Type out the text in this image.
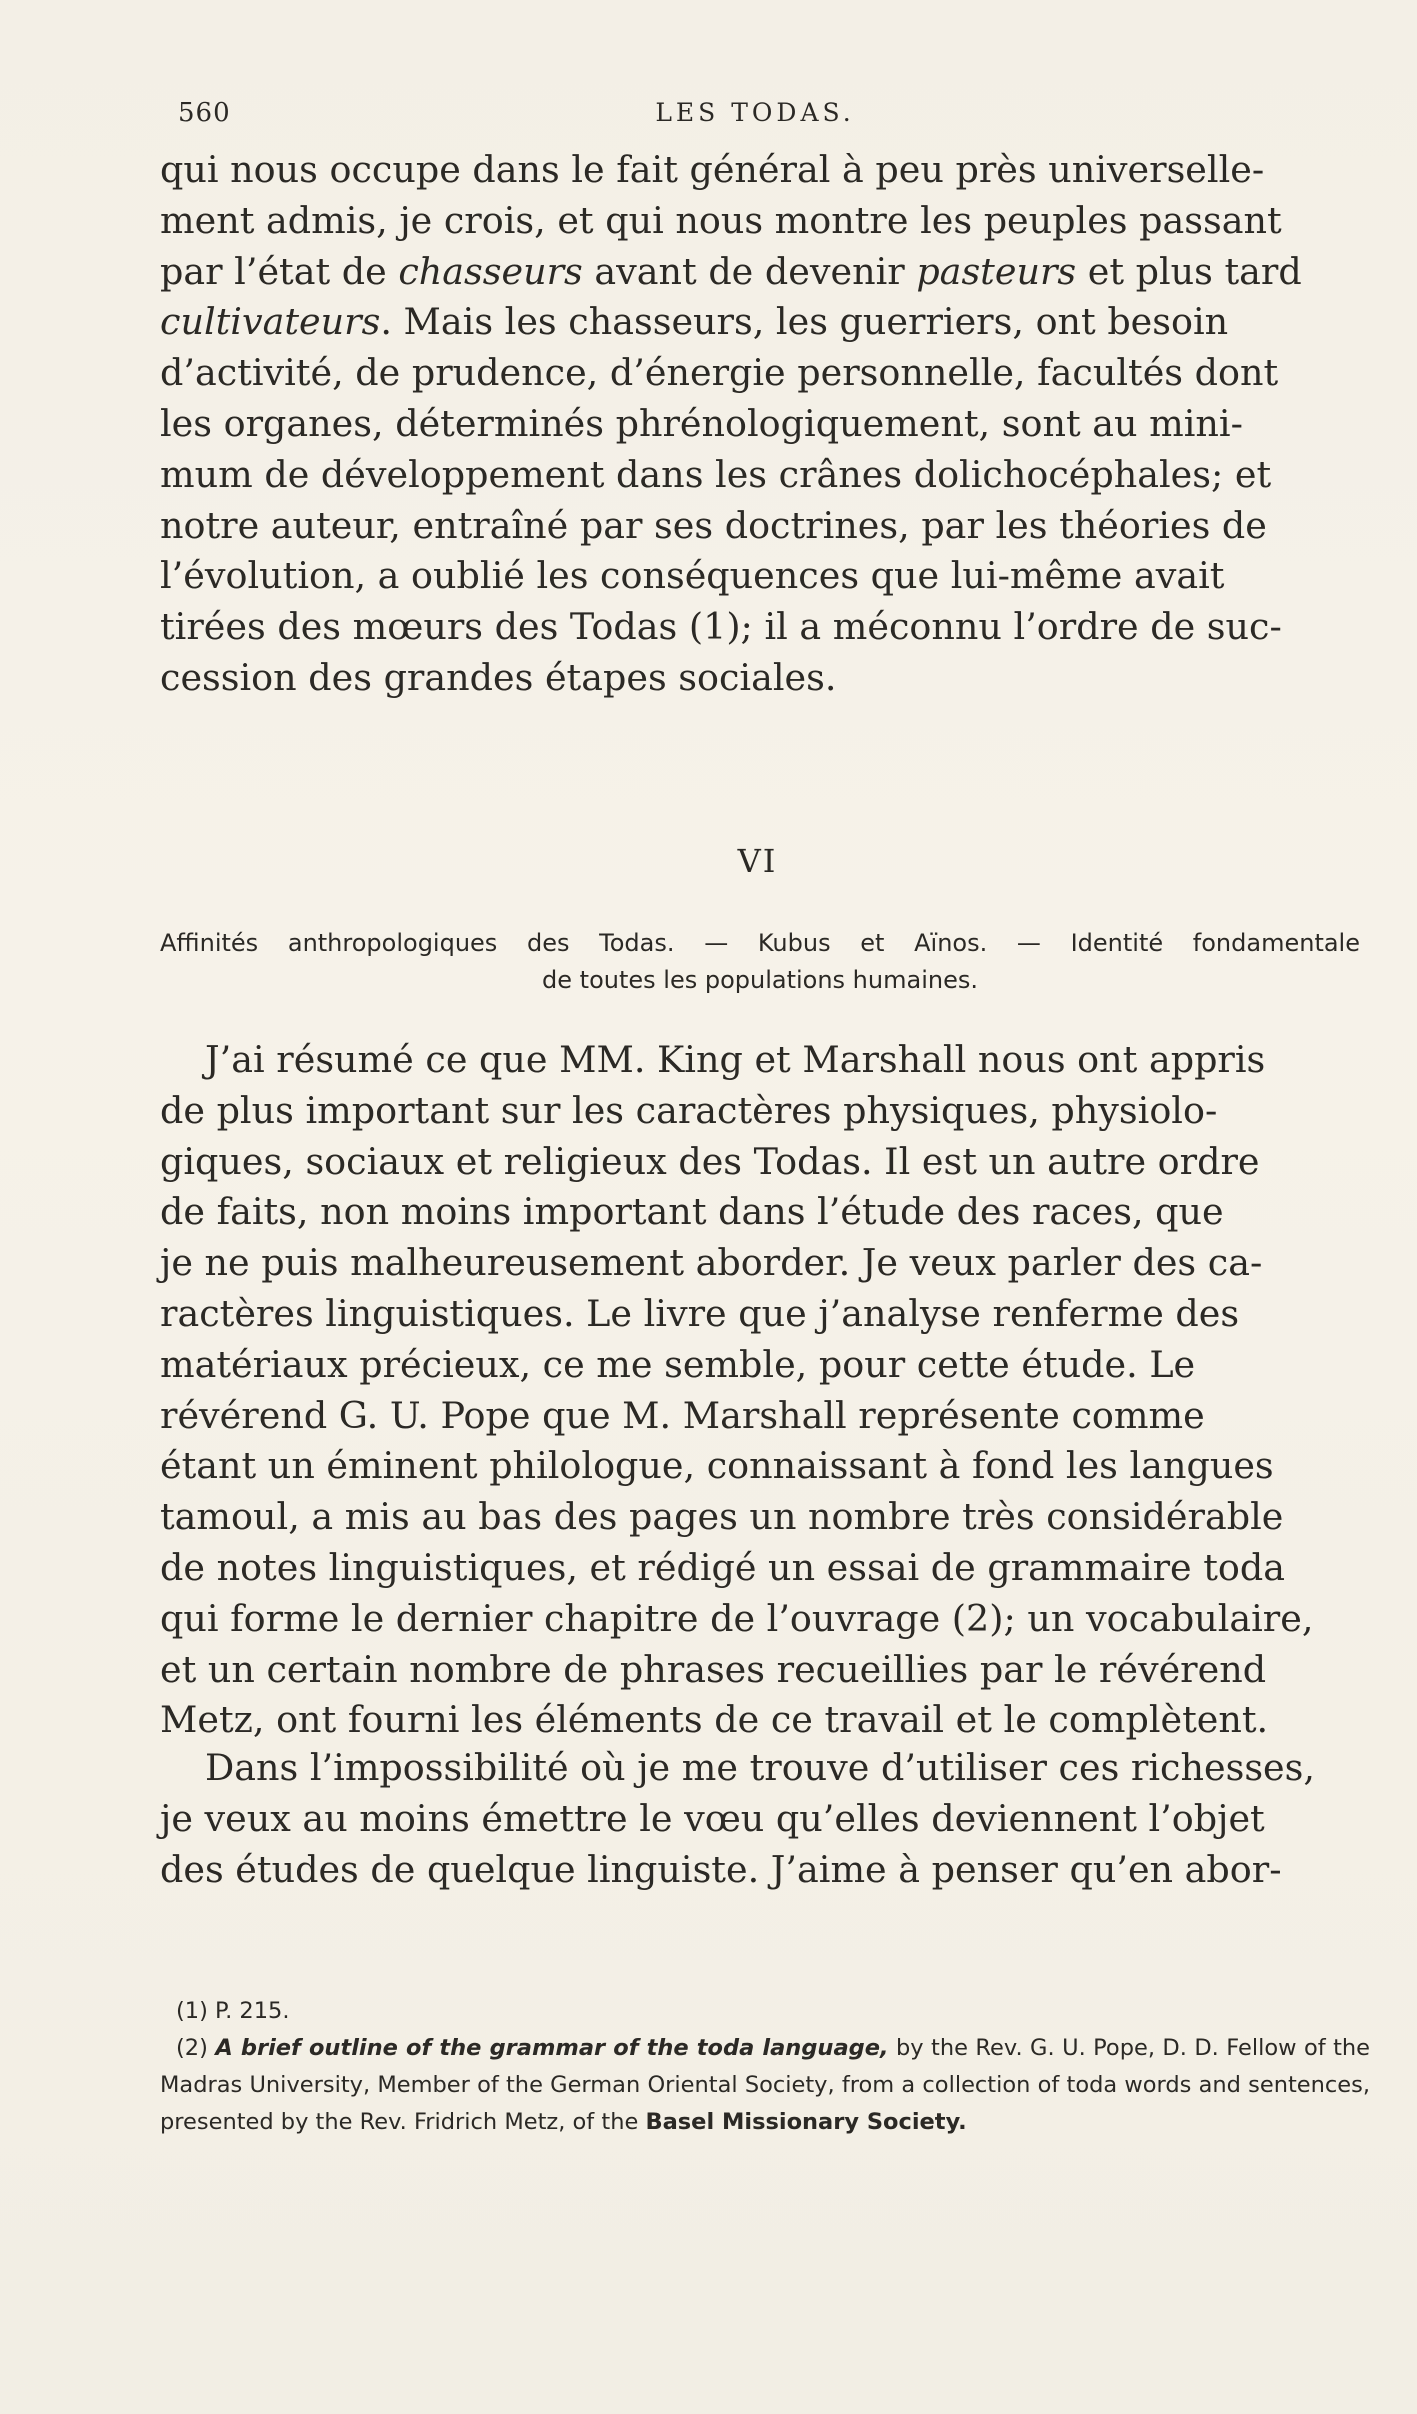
560	LES TODAS.

qui nous occupe dans le fait général à peu près universelle-
ment admis, je crois, et qui nous montre les peuples passant
par l’état de chasseurs avant de devenir pasteurs et plus tard
cultivateurs. Mais les chasseurs, les guerriers, ont besoin
d’activité, de prudence, d’énergie personnelle, facultés dont
les organes, déterminés phrénologiquement, sont au mini-
mum de développement dans les crânes dolichocéphales; et
notre auteur, entraîné par ses doctrines, par les théories de
l’évolution, a oublié les conséquences que lui-même avait
tirées des mœurs des Todas (1); il a méconnu l’ordre de suc-
cession des grandes étapes sociales.

VI
Affinités anthropologiques des Todas. — Kubus et Aïnos. — Identité fondamentale
de toutes les populations humaines.

J’ai résumé ce que MM. King et Marshall nous ont appris
de plus important sur les caractères physiques, physiolo-
giques, sociaux et religieux des Todas. Il est un autre ordre
de faits, non moins important dans l’étude des races, que
je ne puis malheureusement aborder. Je veux parler des ca-
ractères linguistiques. Le livre que j’analyse renferme des
matériaux précieux, ce me semble, pour cette étude. Le
révérend G. U. Pope que M. Marshall représente comme
étant un éminent philologue, connaissant à fond les langues
tamoul, a mis au bas des pages un nombre très considérable
de notes linguistiques, et rédigé un essai de grammaire toda
qui forme le dernier chapitre de l’ouvrage (2); un vocabulaire,
et un certain nombre de phrases recueillies par le révérend
Metz, ont fourni les éléments de ce travail et le complètent.

Dans l’impossibilité où je me trouve d’utiliser ces richesses,
je veux au moins émettre le vœu qu’elles deviennent l’objet
des études de quelque linguiste. J’aime à penser qu’en abor-

(1) P. 215.

(2) A brief outline of the grammar of the toda language, by the Rev. G. U. Pope, D. D. Fellow of the Madras University, Member of the German Oriental Society, from a collection of toda words and sentences, presented by the Rev. Fridrich Metz, of the Basel Missionary Society.
